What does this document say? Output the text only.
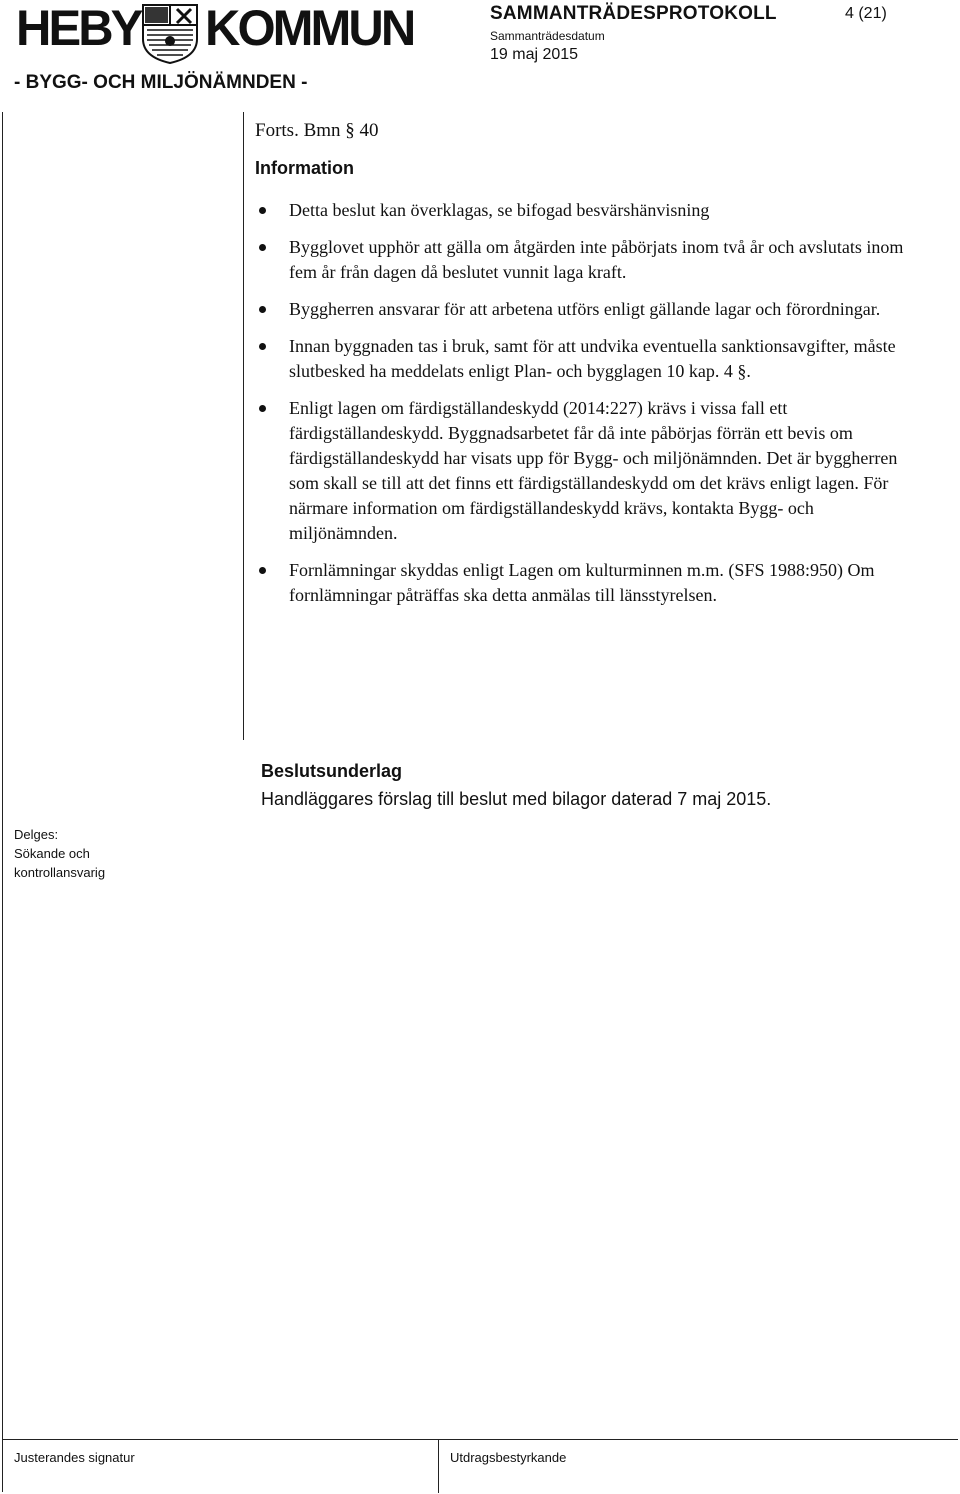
HEBY KOMMUN
- BYGG- OCH MILJÖNÄMNDEN -
SAMMANTRÄDESPROTOKOLL	4 (21)
Sammanträdesdatum
19 maj 2015
Forts. Bmn § 40
Information
Detta beslut kan överklagas, se bifogad besvärshänvisning
Bygglovet upphör att gälla om åtgärden inte påbörjats inom två år och avslutats inom fem år från dagen då beslutet vunnit laga kraft.
Byggherren ansvarar för att arbetena utförs enligt gällande lagar och förordningar.
Innan byggnaden tas i bruk, samt för att undvika eventuella sanktionsavgifter, måste slutbesked ha meddelats enligt Plan- och bygglagen 10 kap. 4 §.
Enligt lagen om färdigställandeskydd (2014:227) krävs i vissa fall ett färdigställandeskydd. Byggnadsarbetet får då inte påbörjas förrän ett bevis om färdigställandeskydd har visats upp för Bygg- och miljönämnden. Det är byggherren som skall se till att det finns ett färdigställandeskydd om det krävs enligt lagen. För närmare information om färdigställandeskydd krävs, kontakta Bygg- och miljönämnden.
Fornlämningar skyddas enligt Lagen om kulturminnen m.m. (SFS 1988:950) Om fornlämningar påträffas ska detta anmälas till länsstyrelsen.
Beslutsunderlag
Handläggares förslag till beslut med bilagor daterad 7 maj 2015.
Delges:
Sökande och
kontrollansvarig
Justerandes signatur	Utdragsbestyrkande
